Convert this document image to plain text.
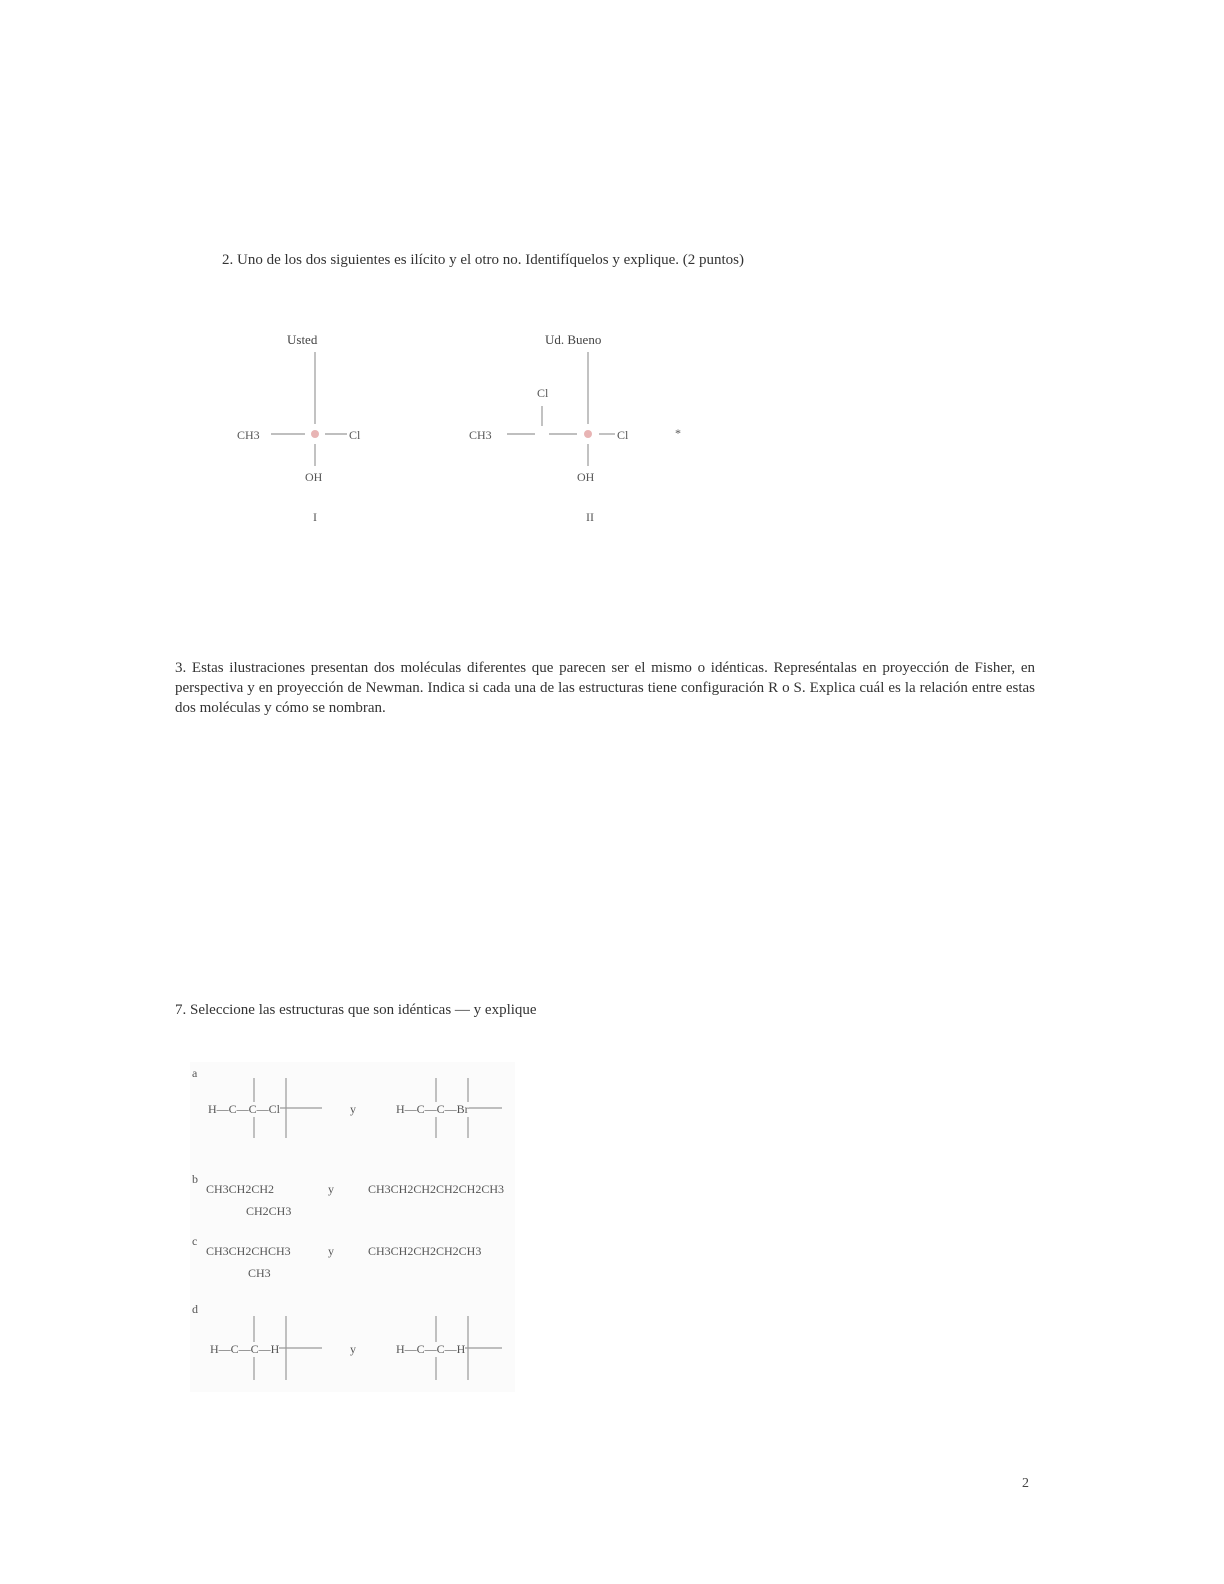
2. Uno de los dos siguientes es ilícito y el otro no. Identifíquelos y explique. (2 puntos)
Usted
CH3	Cl
OH
I
Ud. Bueno
CH3
Cl
Cl
OH
II
*
3. Estas ilustraciones presentan dos moléculas diferentes que parecen ser el mismo o idénticas. Represéntalas en proyección de Fisher, en perspectiva y en proyección de Newman. Indica si cada una de las estructuras tiene configuración R o S. Explica cuál es la relación entre estas dos moléculas y cómo se nombran.
7. Seleccione las estructuras que son idénticas — y explique
a
H—C—C—Cl	y	H—C—C—Br
b
CH3CH2CH2
CH2CH3
y	CH3CH2CH2CH2CH2CH3
c
CH3CH2CHCH3
CH3
y	CH3CH2CH2CH2CH3
d
H—C—C—H	y	H—C—C—H
2
